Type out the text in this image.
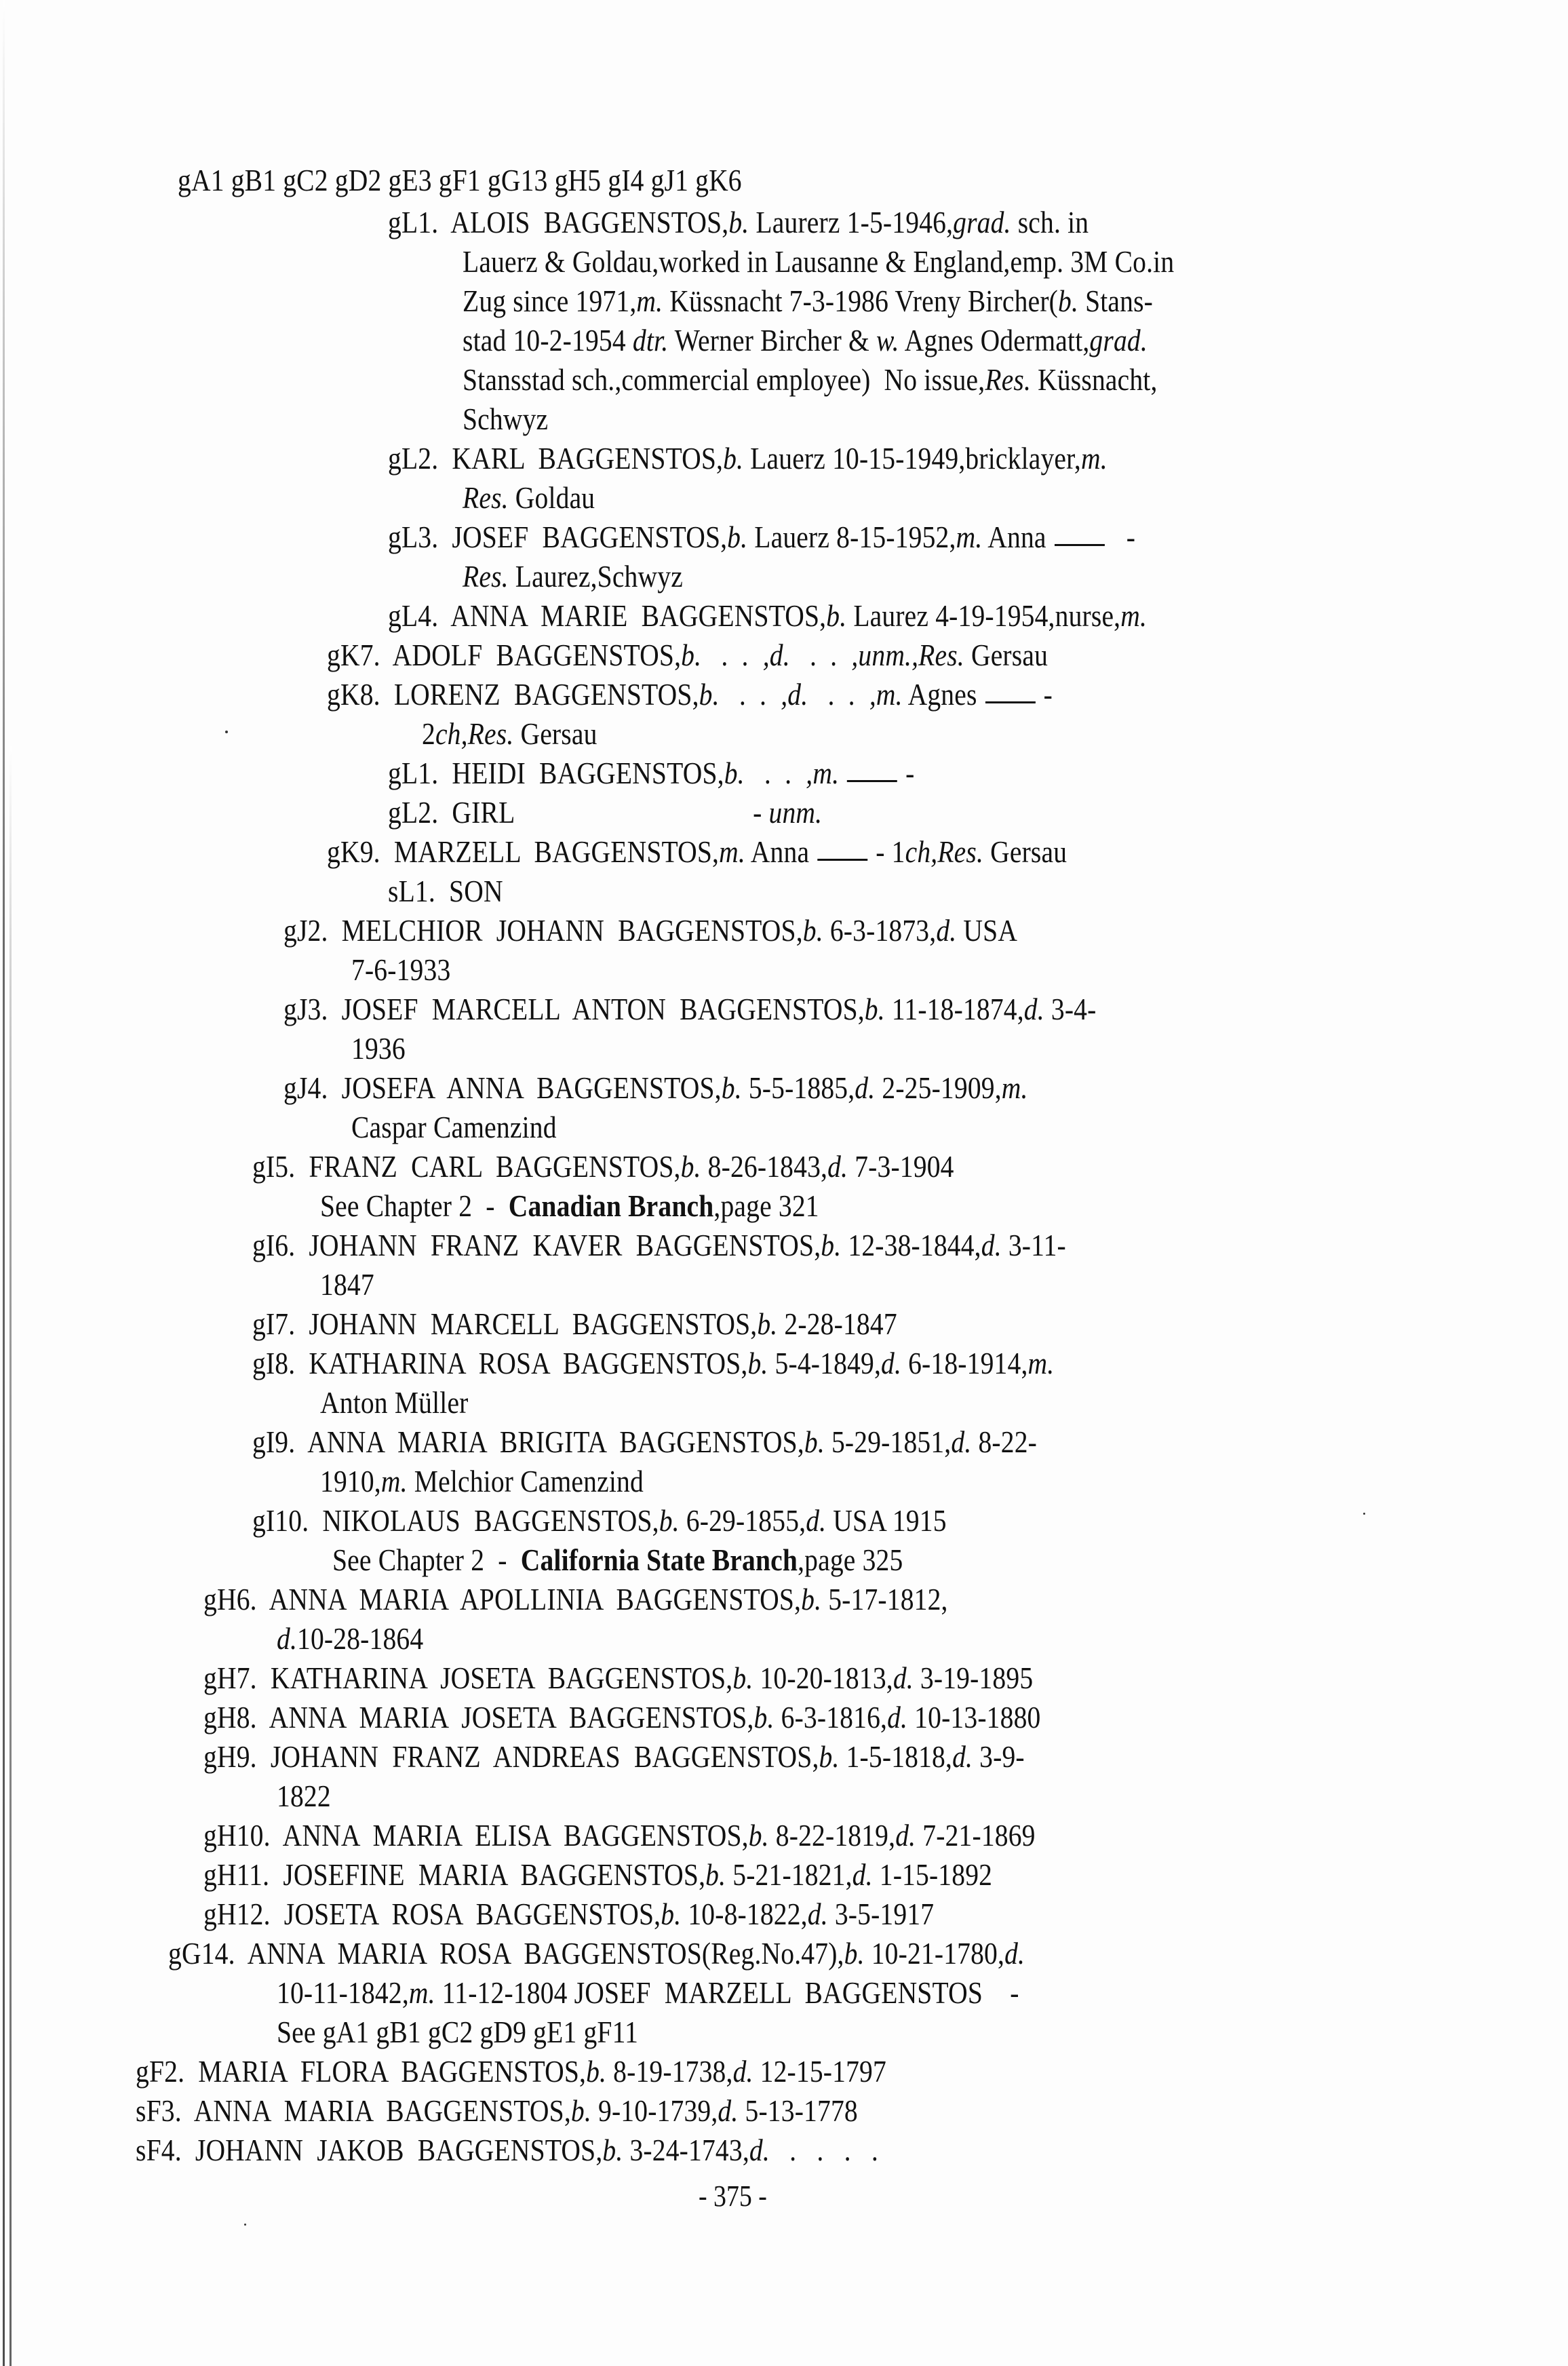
gA1 gB1 gC2 gD2 gE3 gF1 gG13 gH5 gI4 gJ1 gK6
gL1.  ALOIS  BAGGENSTOS,b. Laurerz 1-5-1946,grad. sch. in
Lauerz & Goldau,worked in Lausanne & England,emp. 3M Co.in
Zug since 1971,m. Küssnacht 7-3-1986 Vreny Bircher(b. Stans-
stad 10-2-1954 dtr. Werner Bircher & w. Agnes Odermatt,grad.
Stansstad sch.,commercial employee)  No issue,Res. Küssnacht,
Schwyz
gL2.  KARL  BAGGENSTOS,b. Lauerz 10-15-1949,bricklayer,m.
Res. Goldau
gL3.  JOSEF  BAGGENSTOS,b. Lauerz 8-15-1952,m. Anna  -
Res. Laurez,Schwyz
gL4.  ANNA  MARIE  BAGGENSTOS,b. Laurez 4-19-1954,nurse,m.
gK7.  ADOLF  BAGGENSTOS,b.   .  .  ,d.   .  .  ,unm.,Res. Gersau
gK8.  LORENZ  BAGGENSTOS,b.   .  .  ,d.   .  .  ,m. Agnes -
2ch,Res. Gersau
gL1.  HEIDI  BAGGENSTOS,b.   .  .  ,m. -
gL2.  GIRL                                   - unm.
gK9.  MARZELL  BAGGENSTOS,m. Anna - 1ch,Res. Gersau
sL1.  SON
gJ2.  MELCHIOR  JOHANN  BAGGENSTOS,b. 6-3-1873,d. USA
7-6-1933
gJ3.  JOSEF  MARCELL  ANTON  BAGGENSTOS,b. 11-18-1874,d. 3-4-
1936
gJ4.  JOSEFA  ANNA  BAGGENSTOS,b. 5-5-1885,d. 2-25-1909,m.
Caspar Camenzind
gI5.  FRANZ  CARL  BAGGENSTOS,b. 8-26-1843,d. 7-3-1904
See Chapter 2  -  Canadian Branch,page 321
gI6.  JOHANN  FRANZ  KAVER  BAGGENSTOS,b. 12-38-1844,d. 3-11-
1847
gI7.  JOHANN  MARCELL  BAGGENSTOS,b. 2-28-1847
gI8.  KATHARINA  ROSA  BAGGENSTOS,b. 5-4-1849,d. 6-18-1914,m.
Anton Müller
gI9.  ANNA  MARIA  BRIGITA  BAGGENSTOS,b. 5-29-1851,d. 8-22-
1910,m. Melchior Camenzind
gI10.  NIKOLAUS  BAGGENSTOS,b. 6-29-1855,d. USA 1915
See Chapter 2  -  California State Branch,page 325
gH6.  ANNA  MARIA  APOLLINIA  BAGGENSTOS,b. 5-17-1812,
d.10-28-1864
gH7.  KATHARINA  JOSETA  BAGGENSTOS,b. 10-20-1813,d. 3-19-1895
gH8.  ANNA  MARIA  JOSETA  BAGGENSTOS,b. 6-3-1816,d. 10-13-1880
gH9.  JOHANN  FRANZ  ANDREAS  BAGGENSTOS,b. 1-5-1818,d. 3-9-
1822
gH10.  ANNA  MARIA  ELISA  BAGGENSTOS,b. 8-22-1819,d. 7-21-1869
gH11.  JOSEFINE  MARIA  BAGGENSTOS,b. 5-21-1821,d. 1-15-1892
gH12.  JOSETA  ROSA  BAGGENSTOS,b. 10-8-1822,d. 3-5-1917
gG14.  ANNA  MARIA  ROSA  BAGGENSTOS(Reg.No.47),b. 10-21-1780,d.
10-11-1842,m. 11-12-1804 JOSEF  MARZELL  BAGGENSTOS    -
See gA1 gB1 gC2 gD9 gE1 gF11
gF2.  MARIA  FLORA  BAGGENSTOS,b. 8-19-1738,d. 12-15-1797
sF3.  ANNA  MARIA  BAGGENSTOS,b. 9-10-1739,d. 5-13-1778
sF4.  JOHANN  JAKOB  BAGGENSTOS,b. 3-24-1743,d.   .   .   .   .
- 375 -
